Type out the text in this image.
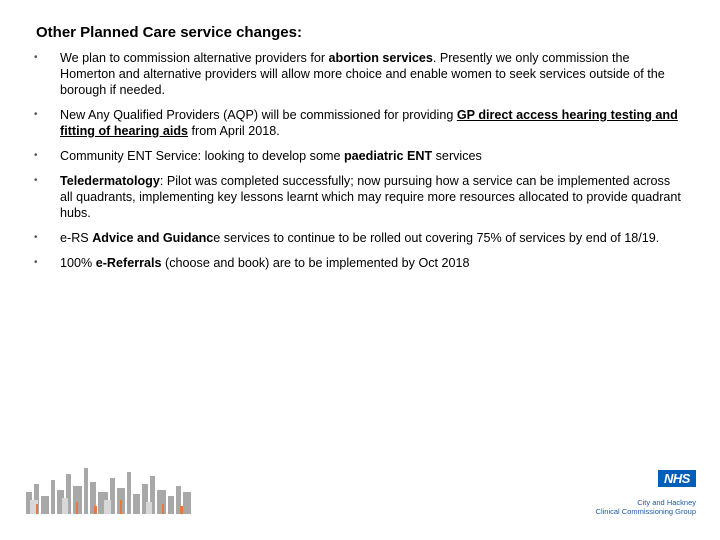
Other Planned Care service changes:
• We plan to commission alternative providers for abortion services. Presently we only commission the Homerton and alternative providers will allow more choice and enable women to seek services outside of the borough if needed.
• New Any Qualified Providers (AQP) will be commissioned for providing GP direct access hearing testing and fitting of hearing aids from April 2018.
• Community ENT Service: looking to develop some paediatric ENT services
• Teledermatology: Pilot was completed successfully; now pursuing how a service can be implemented across all quadrants, implementing key lessons learnt which may require more resources allocated to provide quadrant hubs.
• e-RS Advice and Guidance services to continue to be rolled out covering 75% of services by end of 18/19.
• 100% e-Referrals (choose and book) are to be implemented by Oct 2018
NHS
City and Hackney
Clinical Commissioning Group
